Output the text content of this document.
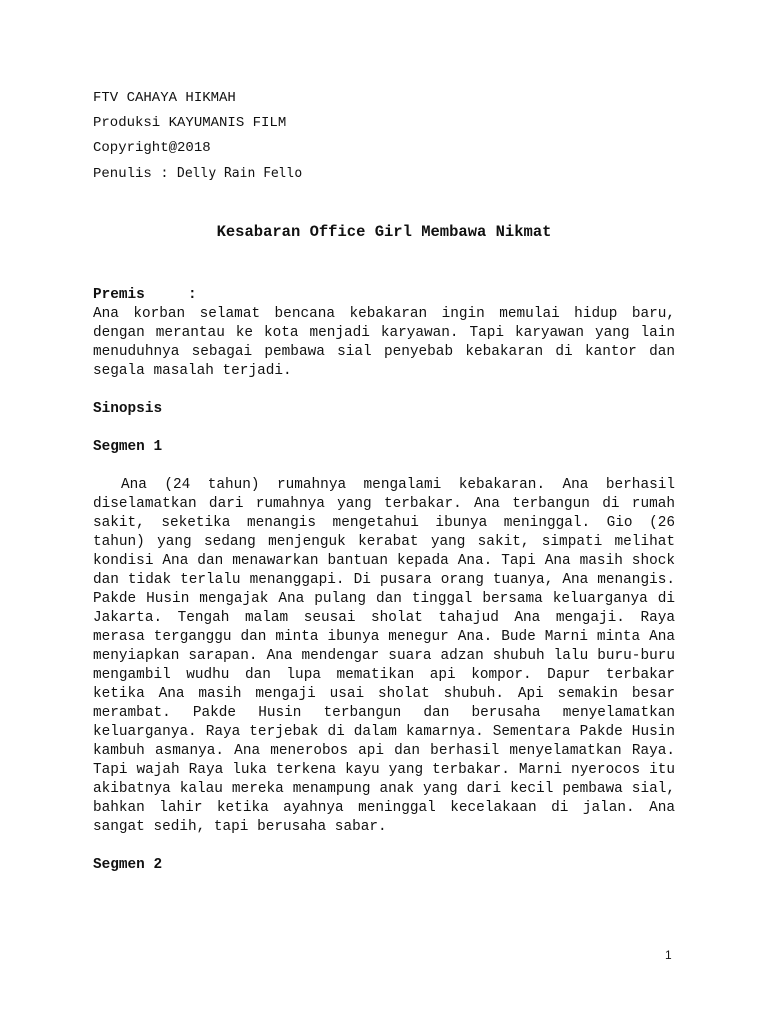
FTV CAHAYA HIKMAH
Produksi KAYUMANIS FILM
Copyright@2018
Penulis : Delly Rain Fello
Kesabaran Office Girl Membawa Nikmat
Premis     :

Ana korban selamat bencana kebakaran ingin memulai hidup baru, dengan merantau ke kota menjadi karyawan. Tapi karyawan yang lain menuduhnya sebagai pembawa sial penyebab kebakaran di kantor dan segala masalah terjadi.

Sinopsis
Segmen 1

Ana (24 tahun) rumahnya mengalami kebakaran. Ana berhasil diselamatkan dari rumahnya yang terbakar. Ana terbangun di rumah sakit, seketika menangis mengetahui ibunya meninggal. Gio (26 tahun) yang sedang menjenguk kerabat yang sakit, simpati melihat kondisi Ana dan menawarkan bantuan kepada Ana. Tapi Ana masih shock dan tidak terlalu menanggapi. Di pusara orang tuanya, Ana menangis. Pakde Husin mengajak Ana pulang dan tinggal bersama keluarganya di Jakarta. Tengah malam seusai sholat tahajud Ana mengaji. Raya merasa terganggu dan minta ibunya menegur Ana. Bude Marni minta Ana menyiapkan sarapan. Ana mendengar suara adzan shubuh lalu buru-buru mengambil wudhu dan lupa mematikan api kompor. Dapur terbakar ketika Ana masih mengaji usai sholat shubuh. Api semakin besar merambat. Pakde Husin terbangun dan berusaha menyelamatkan keluarganya. Raya terjebak di dalam kamarnya. Sementara Pakde Husin kambuh asmanya. Ana menerobos api dan berhasil menyelamatkan Raya. Tapi wajah Raya luka terkena kayu yang terbakar. Marni nyerocos itu akibatnya kalau mereka menampung anak yang dari kecil pembawa sial, bahkan lahir ketika ayahnya meninggal kecelakaan di jalan. Ana sangat sedih, tapi berusaha sabar.

Segmen 2
1
